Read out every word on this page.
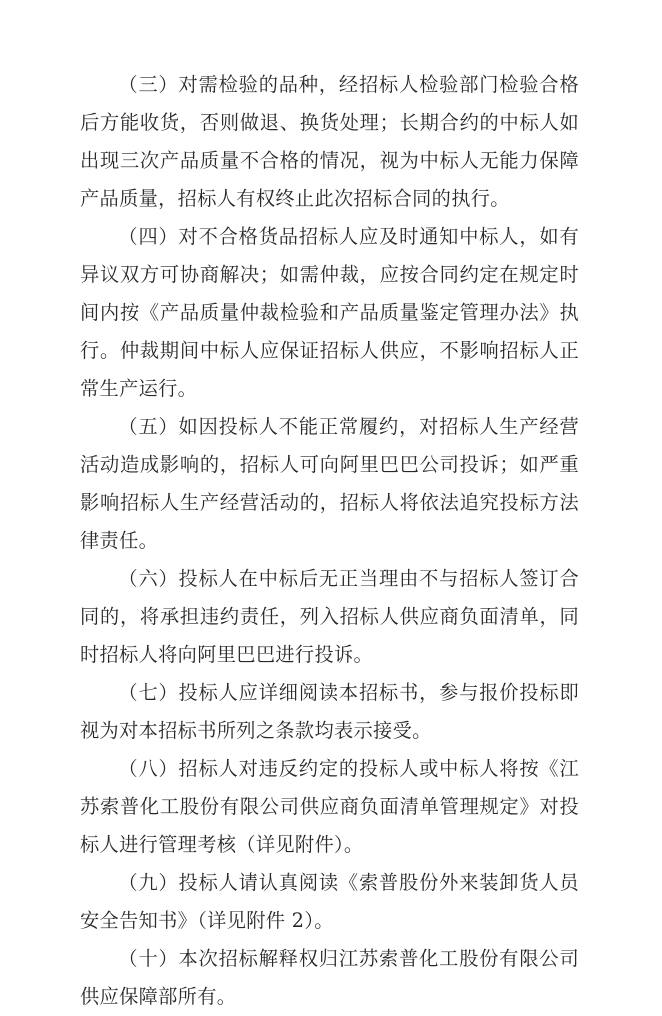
（三）对需检验的品种，经招标人检验部门检验合格后方能收货，否则做退、换货处理；长期合约的中标人如出现三次产品质量不合格的情况，视为中标人无能力保障产品质量，招标人有权终止此次招标合同的执行。

（四）对不合格货品招标人应及时通知中标人，如有异议双方可协商解决；如需仲裁，应按合同约定在规定时间内按《产品质量仲裁检验和产品质量鉴定管理办法》执行。仲裁期间中标人应保证招标人供应，不影响招标人正常生产运行。

（五）如因投标人不能正常履约，对招标人生产经营活动造成影响的，招标人可向阿里巴巴公司投诉；如严重影响招标人生产经营活动的，招标人将依法追究投标方法律责任。

（六）投标人在中标后无正当理由不与招标人签订合同的，将承担违约责任，列入招标人供应商负面清单，同时招标人将向阿里巴巴进行投诉。

（七）投标人应详细阅读本招标书，参与报价投标即视为对本招标书所列之条款均表示接受。

（八）招标人对违反约定的投标人或中标人将按《江苏索普化工股份有限公司供应商负面清单管理规定》对投标人进行管理考核（详见附件）。

（九）投标人请认真阅读《索普股份外来装卸货人员安全告知书》（详见附件 2）。

（十）本次招标解释权归江苏索普化工股份有限公司供应保障部所有。
